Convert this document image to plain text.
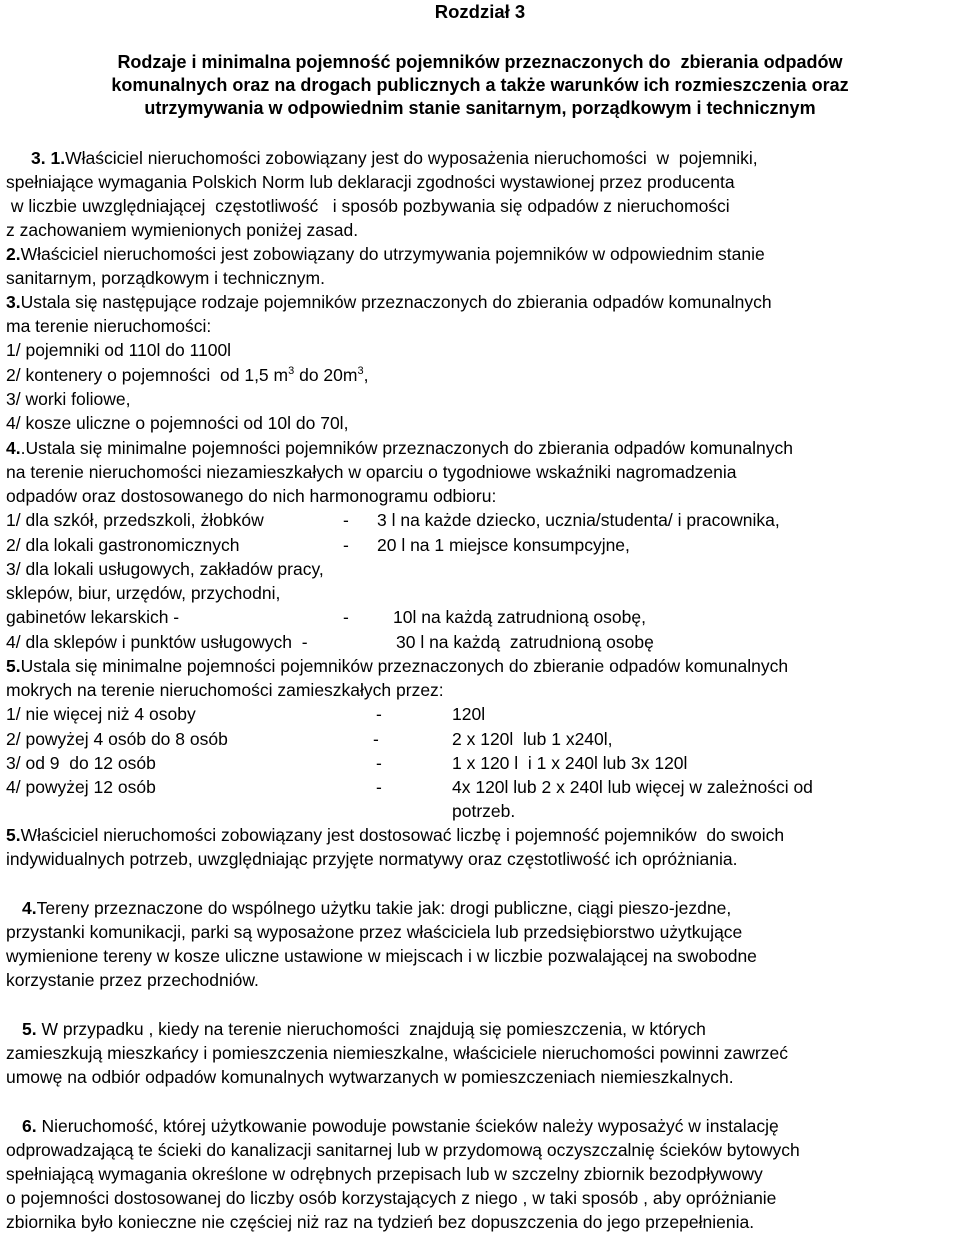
Rozdział 3
Rodzaje i minimalna pojemność pojemników przeznaczonych do  zbierania odpadów
komunalnych oraz na drogach publicznych a także warunków ich rozmieszczenia oraz
utrzymywania w odpowiednim stanie sanitarnym, porządkowym i technicznym
3. 1.Właściciel nieruchomości zobowiązany jest do wyposażenia nieruchomości  w  pojemniki,
spełniające wymagania Polskich Norm lub deklaracji zgodności wystawionej przez producenta
w liczbie uwzględniającej  częstotliwość   i sposób pozbywania się odpadów z nieruchomości
z zachowaniem wymienionych poniżej zasad.
2.Właściciel nieruchomości jest zobowiązany do utrzymywania pojemników w odpowiednim stanie
sanitarnym, porządkowym i technicznym.
3.Ustala się następujące rodzaje pojemników przeznaczonych do zbierania odpadów komunalnych
ma terenie nieruchomości:
1/ pojemniki od 110l do 1100l
2/ kontenery o pojemności  od 1,5 $m^3$ do $20m^3$,
3/ worki foliowe,
4/ kosze uliczne o pojemności od 10l do 70l,
4..Ustala się minimalne pojemności pojemników przeznaczonych do zbierania odpadów komunalnych
na terenie nieruchomości niezamieszkałych w oparciu o tygodniowe wskaźniki nagromadzenia
odpadów oraz dostosowanego do nich harmonogramu odbioru:
1/ dla szkół, przedszkoli, żłobków	- 3 l na każde dziecko, ucznia/studenta/ i pracownika,
2/ dla lokali gastronomicznych	- 20 l na 1 miejsce konsumpcyjne,
3/ dla lokali usługowych, zakładów pracy,
sklepów, biur, urzędów, przychodni,
gabinetów lekarskich -	-	10l na każdą zatrudnioną osobę,
4/ dla sklepów i punktów usługowych  -	30 l na każdą  zatrudnioną osobę
5.Ustala się minimalne pojemności pojemników przeznaczonych do zbieranie odpadów komunalnych
mokrych na terenie nieruchomości zamieszkałych przez:
1/ nie więcej niż 4 osoby	-	120l
2/ powyżej 4 osób do 8 osób	-	2 x 120l  lub 1 x240l,
3/ od 9  do 12 osób	-	1 x 120 l  i 1 x 240l lub 3x 120l
4/ powyżej 12 osób	-	4x 120l lub 2 x 240l lub więcej w zależności od
potrzeb.
5.Właściciel nieruchomości zobowiązany jest dostosować liczbę i pojemność pojemników  do swoich
indywidualnych potrzeb, uwzględniając przyjęte normatywy oraz częstotliwość ich opróżniania.
4.Tereny przeznaczone do wspólnego użytku takie jak: drogi publiczne, ciągi pieszo-jezdne,
przystanki komunikacji, parki są wyposażone przez właściciela lub przedsiębiorstwo użytkujące
wymienione tereny w kosze uliczne ustawione w miejscach i w liczbie pozwalającej na swobodne
korzystanie przez przechodniów.
5. W przypadku , kiedy na terenie nieruchomości  znajdują się pomieszczenia, w których
zamieszkują mieszkańcy i pomieszczenia niemieszkalne, właściciele nieruchomości powinni zawrzeć
umowę na odbiór odpadów komunalnych wytwarzanych w pomieszczeniach niemieszkalnych.
6. Nieruchomość, której użytkowanie powoduje powstanie ścieków należy wyposażyć w instalację
odprowadzającą te ścieki do kanalizacji sanitarnej lub w przydomową oczyszczalnię ścieków bytowych
spełniającą wymagania określone w odrębnych przepisach lub w szczelny zbiornik bezodpływowy
o pojemności dostosowanej do liczby osób korzystających z niego , w taki sposób , aby opróżnianie
zbiornika było konieczne nie częściej niż raz na tydzień bez dopuszczenia do jego przepełnienia.
